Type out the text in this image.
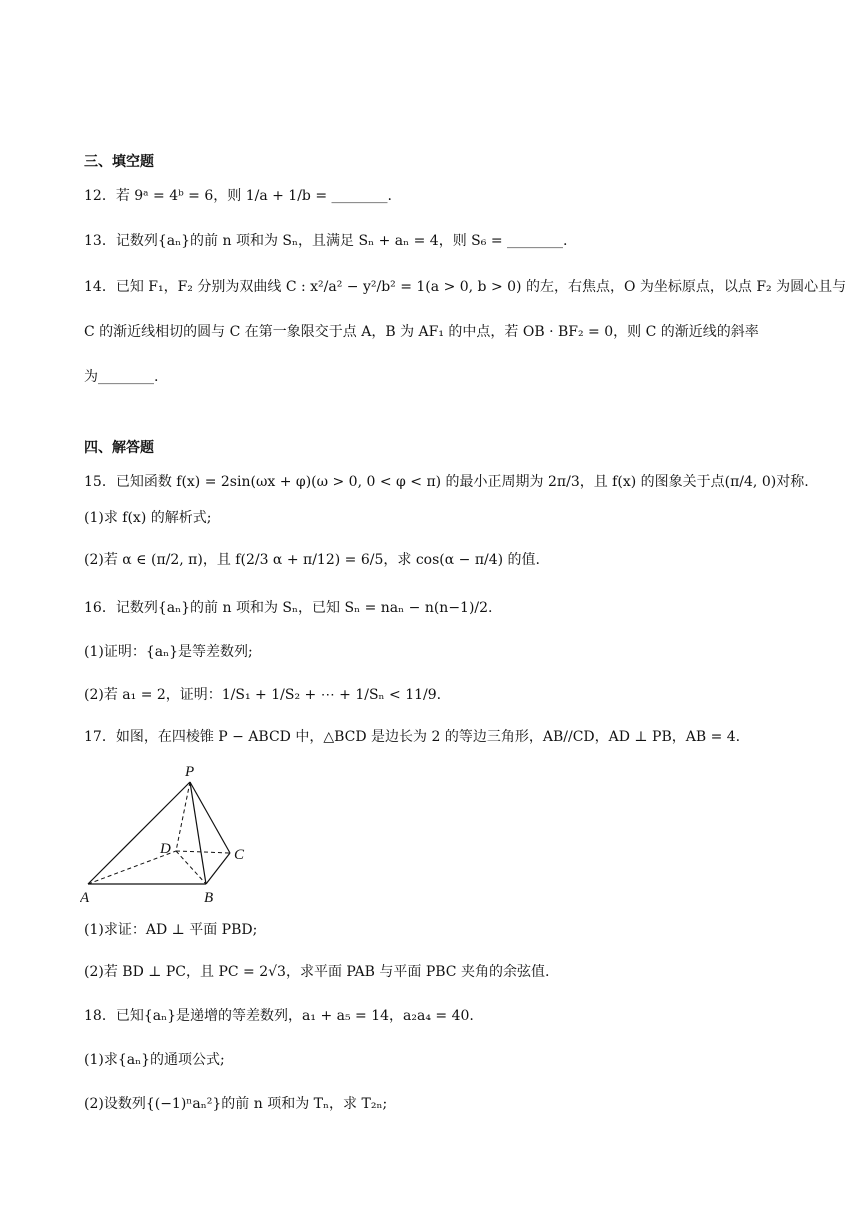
三、填空题
12．若 9ᵃ = 4ᵇ = 6，则 1/a + 1/b = ________.
13．记数列{aₙ}的前 n 项和为 Sₙ，且满足 Sₙ + aₙ = 4，则 S₆ = ________.
14．已知 F₁，F₂ 分别为双曲线 C : x²/a² − y²/b² = 1(a > 0, b > 0) 的左，右焦点，O 为坐标原点，以点 F₂ 为圆心且与
C 的渐近线相切的圆与 C 在第一象限交于点 A，B 为 AF₁ 的中点，若 OB · BF₂ = 0，则 C 的渐近线的斜率
为________.
四、解答题
15．已知函数 f(x) = 2sin(ωx + φ)(ω > 0, 0 < φ < π) 的最小正周期为 2π/3，且 f(x) 的图象关于点(π/4, 0)对称.
(1)求 f(x) 的解析式;
(2)若 α ∈ (π/2, π)，且 f(2/3 α + π/12) = 6/5，求 cos(α − π/4) 的值.
16．记数列{aₙ}的前 n 项和为 Sₙ，已知 Sₙ = naₙ − n(n−1)/2.
(1)证明：{aₙ}是等差数列;
(2)若 a₁ = 2，证明：1/S₁ + 1/S₂ + ⋯ + 1/Sₙ < 11/9.
17．如图，在四棱锥 P − ABCD 中，△BCD 是边长为 2 的等边三角形，AB//CD，AD ⊥ PB，AB = 4.
P
A	B
C
D
(1)求证：AD ⊥ 平面 PBD;
(2)若 BD ⊥ PC，且 PC = 2√3，求平面 PAB 与平面 PBC 夹角的余弦值.
18．已知{aₙ}是递增的等差数列，a₁ + a₅ = 14，a₂a₄ = 40.
(1)求{aₙ}的通项公式;
(2)设数列{(−1)ⁿaₙ²}的前 n 项和为 Tₙ，求 T₂ₙ;
